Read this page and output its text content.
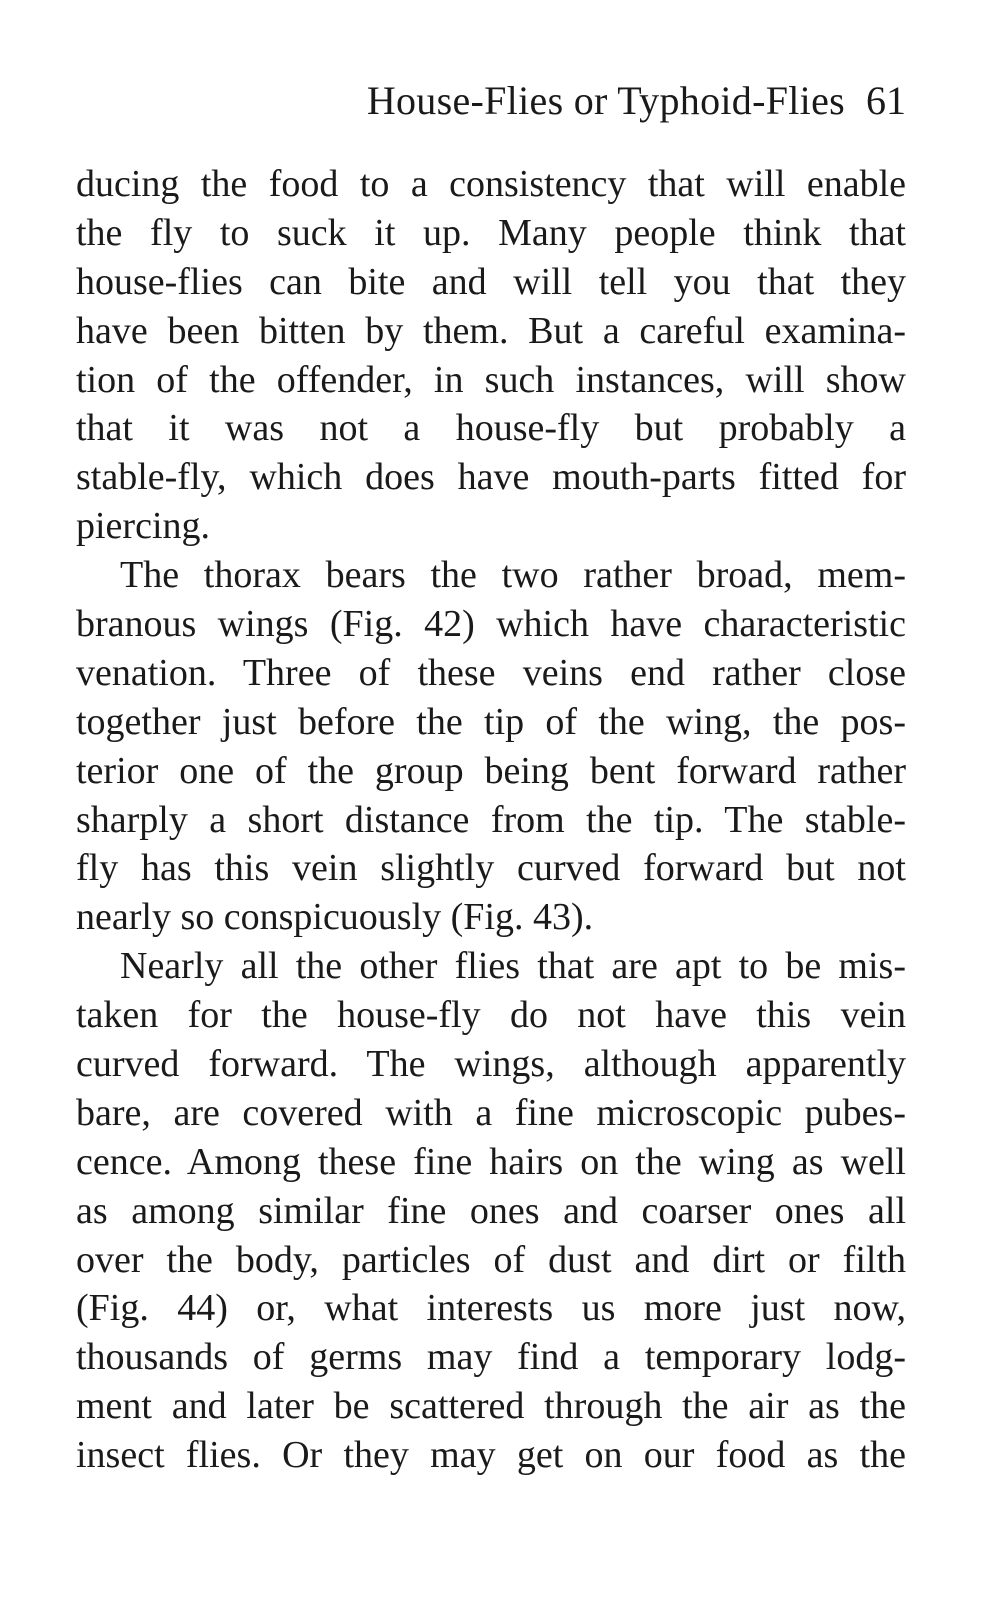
House-Flies or Typhoid-Flies 61
ducing the food to a consistency that will enable
the fly to suck it up. Many people think that
house-flies can bite and will tell you that they
have been bitten by them. But a careful examina-
tion of the offender, in such instances, will show
that it was not a house-fly but probably a
stable-fly, which does have mouth-parts fitted for
piercing.
The thorax bears the two rather broad, mem-
branous wings (Fig. 42) which have characteristic
venation. Three of these veins end rather close
together just before the tip of the wing, the pos-
terior one of the group being bent forward rather
sharply a short distance from the tip. The stable-
fly has this vein slightly curved forward but not
nearly so conspicuously (Fig. 43).
Nearly all the other flies that are apt to be mis-
taken for the house-fly do not have this vein
curved forward. The wings, although apparently
bare, are covered with a fine microscopic pubes-
cence. Among these fine hairs on the wing as well
as among similar fine ones and coarser ones all
over the body, particles of dust and dirt or filth
(Fig. 44) or, what interests us more just now,
thousands of germs may find a temporary lodg-
ment and later be scattered through the air as the
insect flies. Or they may get on our food as the
